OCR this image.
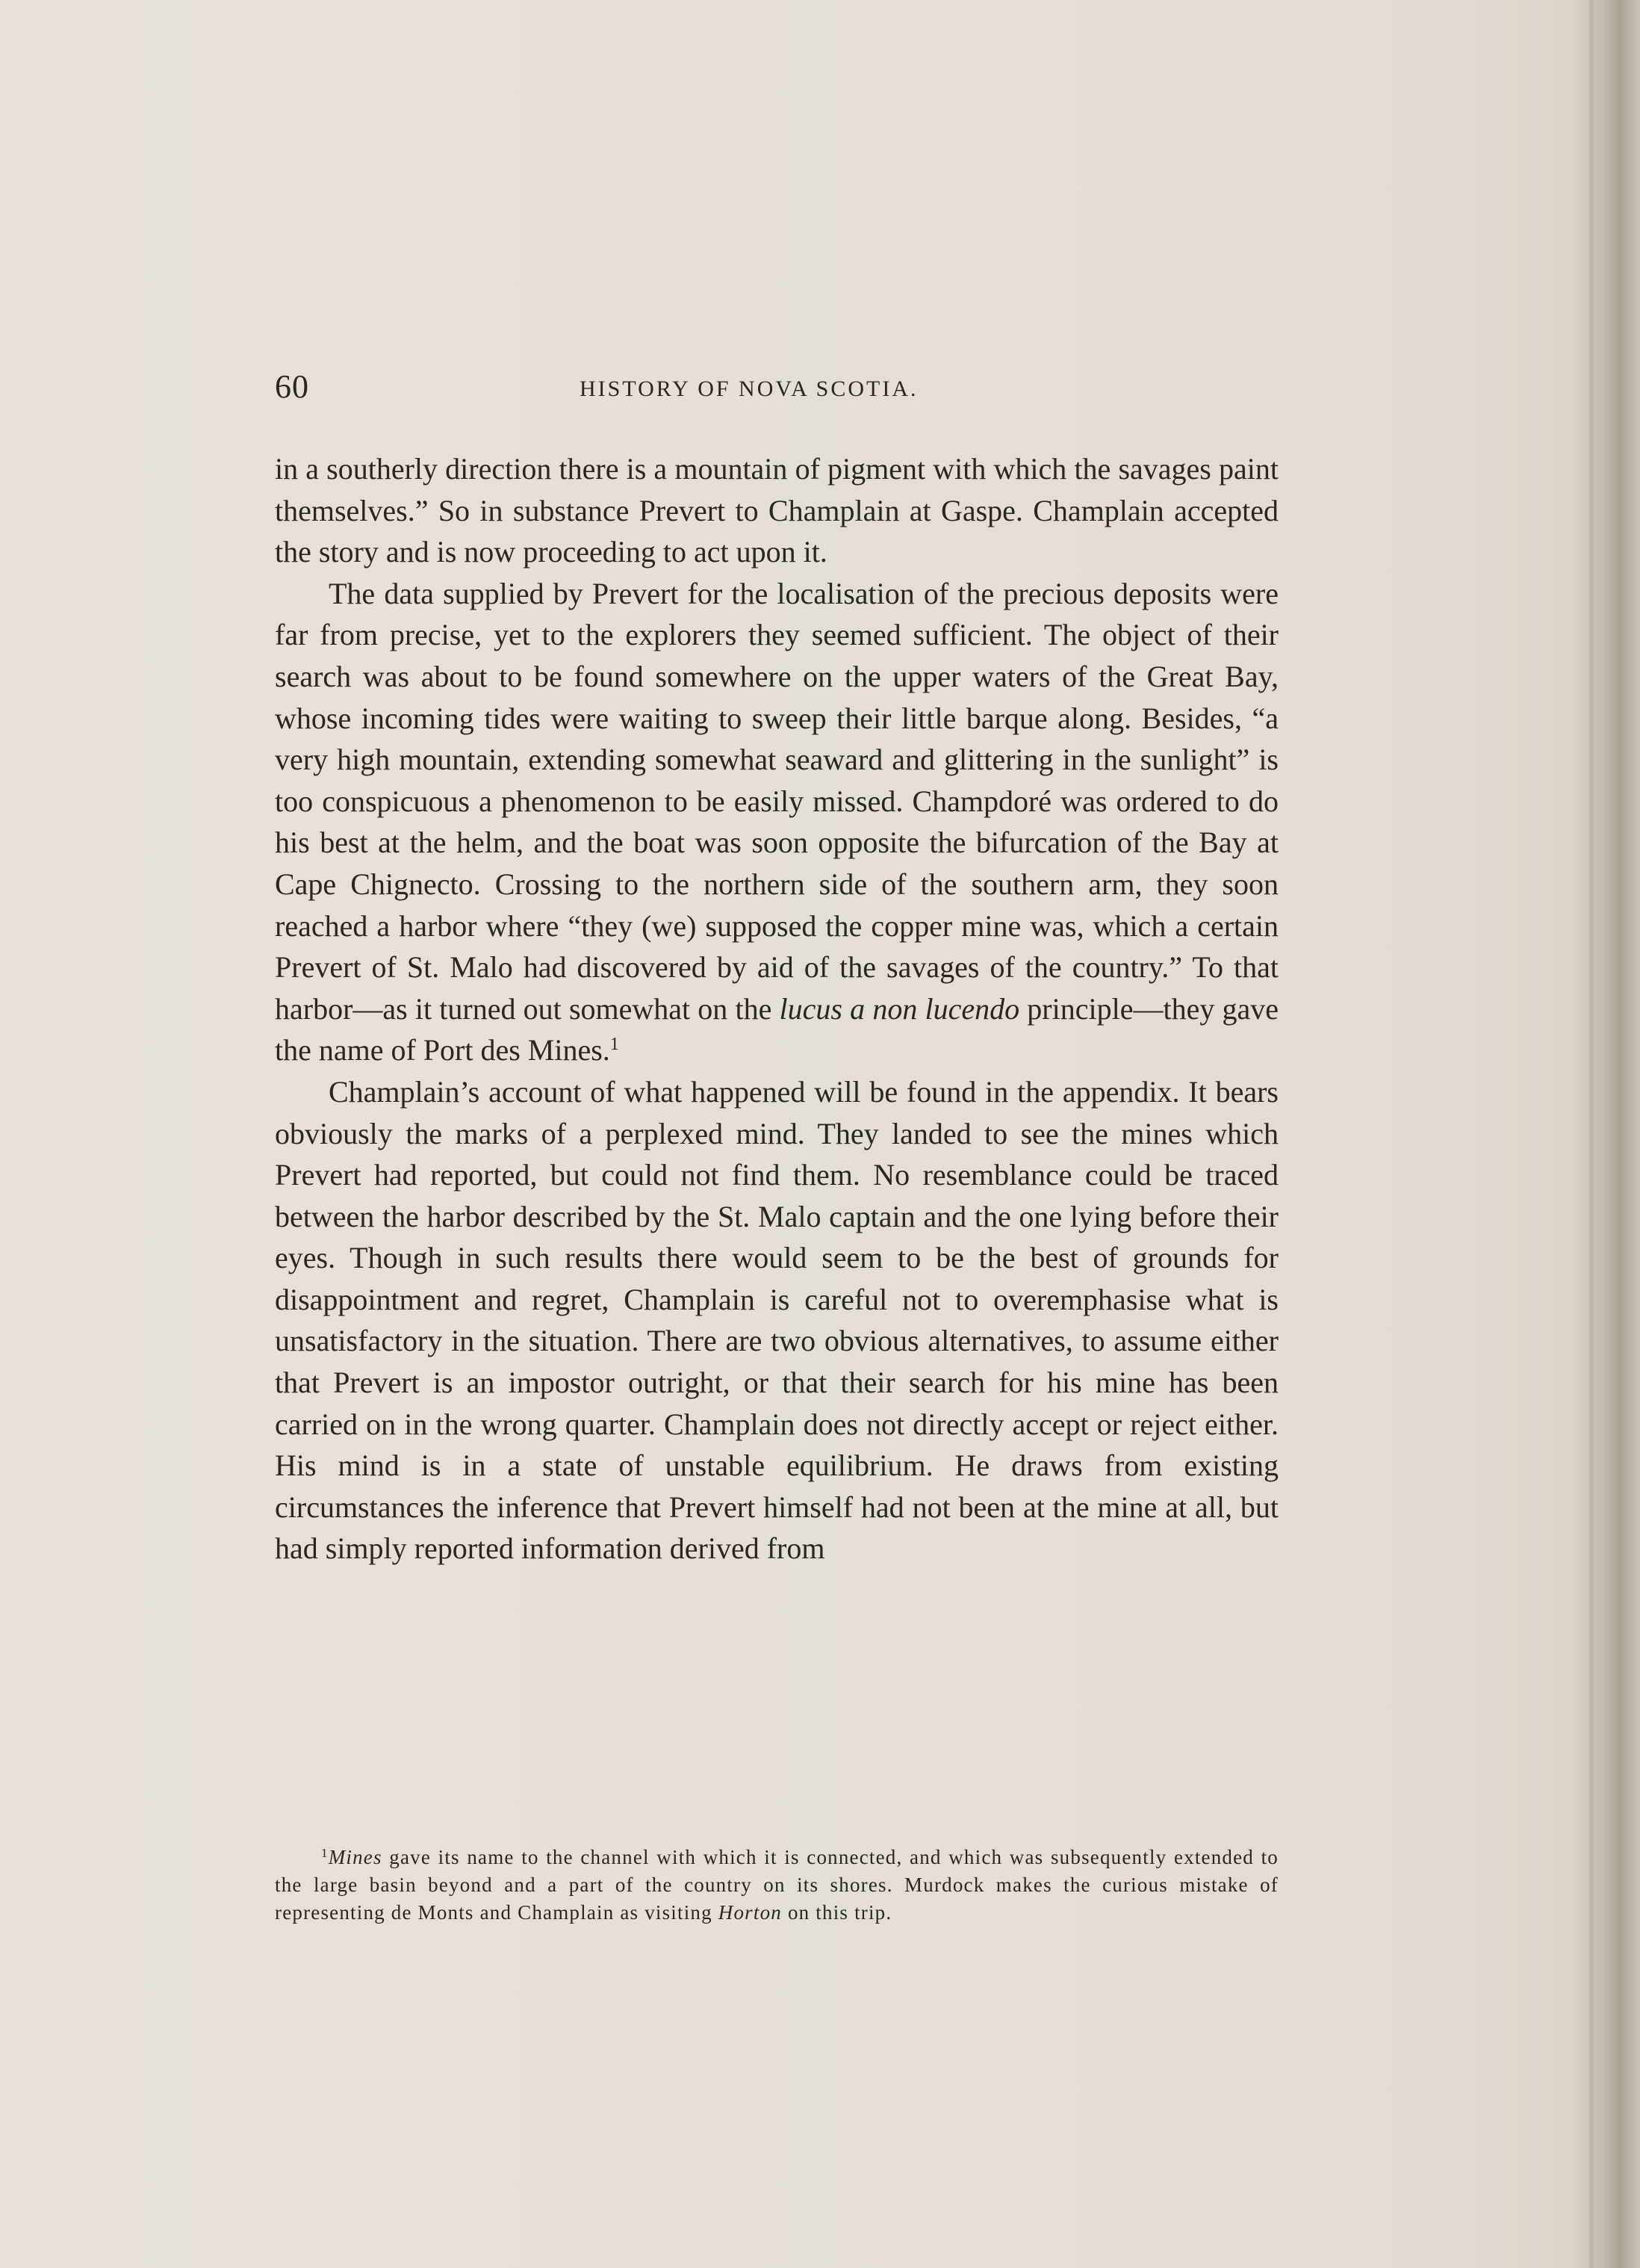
60	HISTORY OF NOVA SCOTIA.

in a southerly direction there is a mountain of pigment with which the savages paint themselves.” So in substance Prevert to Champlain at Gaspe. Champlain accepted the story and is now proceeding to act upon it.

The data supplied by Prevert for the localisation of the precious deposits were far from precise, yet to the explorers they seemed sufficient. The object of their search was about to be found somewhere on the upper waters of the Great Bay, whose incoming tides were waiting to sweep their little barque along. Besides, “a very high mountain, extending somewhat seaward and glittering in the sunlight” is too conspicuous a phenomenon to be easily missed. Champdoré was ordered to do his best at the helm, and the boat was soon opposite the bifurcation of the Bay at Cape Chignecto. Crossing to the northern side of the southern arm, they soon reached a harbor where “they (we) supposed the copper mine was, which a certain Prevert of St. Malo had discovered by aid of the savages of the country.” To that harbor—as it turned out somewhat on the lucus a non lucendo principle—they gave the name of Port des Mines.$^1$

Champlain’s account of what happened will be found in the appendix. It bears obviously the marks of a perplexed mind. They landed to see the mines which Prevert had reported, but could not find them. No resemblance could be traced between the harbor described by the St. Malo captain and the one lying before their eyes. Though in such results there would seem to be the best of grounds for disappointment and regret, Champlain is careful not to overemphasise what is unsatisfactory in the situation. There are two obvious alternatives, to assume either that Prevert is an impostor outright, or that their search for his mine has been carried on in the wrong quarter. Champlain does not directly accept or reject either. His mind is in a state of unstable equilibrium. He draws from existing circumstances the inference that Prevert himself had not been at the mine at all, but had simply reported information derived from

$^1$Mines gave its name to the channel with which it is connected, and which was subsequently extended to the large basin beyond and a part of the country on its shores. Murdock makes the curious mistake of representing de Monts and Champlain as visiting Horton on this trip.
